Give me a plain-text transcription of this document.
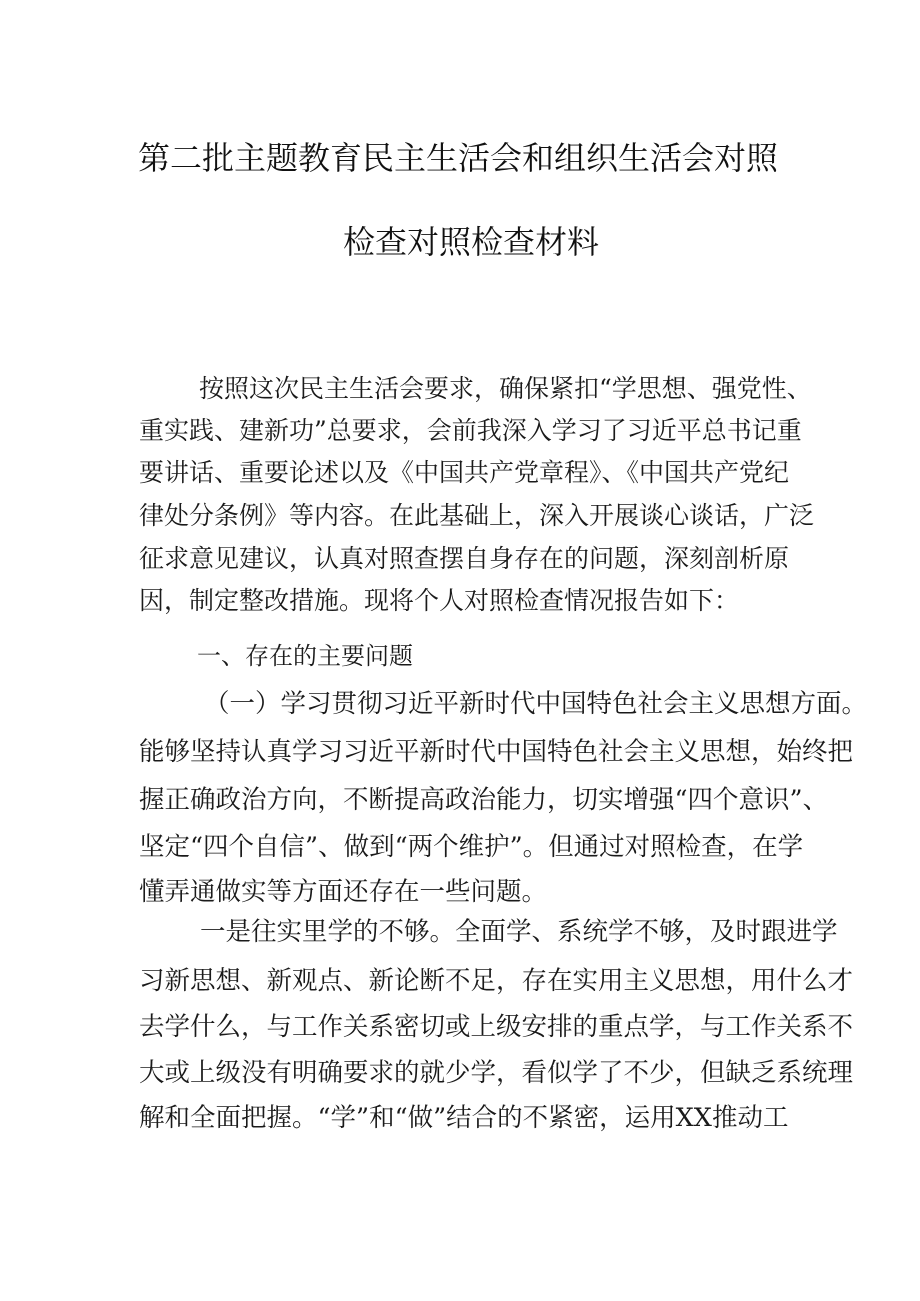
第二批主题教育民主生活会和组织生活会对照
检查对照检查材料

按照这次民主生活会要求，确保紧扣“学思想、强党性、

重实践、建新功”总要求，会前我深入学习了习近平总书记重

要讲话、重要论述以及《中国共产党章程》、《中国共产党纪

律处分条例》等内容。在此基础上，深入开展谈心谈话，广泛

征求意见建议，认真对照查摆自身存在的问题，深刻剖析原

因，制定整改措施。现将个人对照检查情况报告如下：

一、存在的主要问题

（一）学习贯彻习近平新时代中国特色社会主义思想方面。

能够坚持认真学习习近平新时代中国特色社会主义思想，始终把

握正确政治方向，不断提高政治能力，切实增强“四个意识”、

坚定“四个自信”、做到“两个维护”。但通过对照检查，在学

懂弄通做实等方面还存在一些问题。

一是往实里学的不够。全面学、系统学不够，及时跟进学

习新思想、新观点、新论断不足，存在实用主义思想，用什么才

去学什么，与工作关系密切或上级安排的重点学，与工作关系不

大或上级没有明确要求的就少学，看似学了不少，但缺乏系统理

解和全面把握。“学”和“做”结合的不紧密，运用XX推动工
